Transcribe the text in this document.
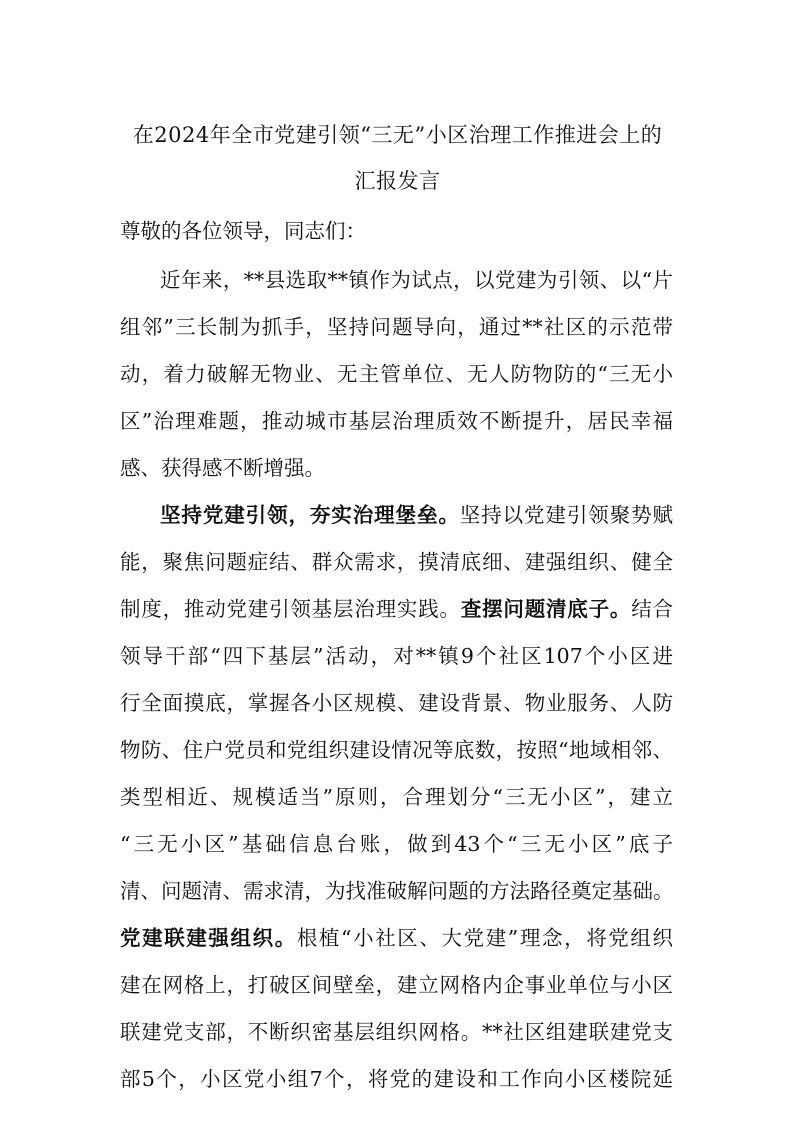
在2024年全市党建引领“三无”小区治理工作推进会上的
汇报发言
尊敬的各位领导，同志们：
近年来，**县选取**镇作为试点，以党建为引领、以“片
组邻”三长制为抓手，坚持问题导向，通过**社区的示范带
动，着力破解无物业、无主管单位、无人防物防的“三无小
区”治理难题，推动城市基层治理质效不断提升，居民幸福
感、获得感不断增强。
坚持党建引领，夯实治理堡垒。坚持以党建引领聚势赋
能，聚焦问题症结、群众需求，摸清底细、建强组织、健全
制度，推动党建引领基层治理实践。查摆问题清底子。结合
领导干部“四下基层”活动，对**镇9个社区107个小区进
行全面摸底，掌握各小区规模、建设背景、物业服务、人防
物防、住户党员和党组织建设情况等底数，按照“地域相邻、
类型相近、规模适当”原则，合理划分“三无小区”，建立
“三无小区”基础信息台账，做到43个“三无小区”底子
清、问题清、需求清，为找准破解问题的方法路径奠定基础。
党建联建强组织。根植“小社区、大党建”理念，将党组织
建在网格上，打破区间壁垒，建立网格内企事业单位与小区
联建党支部，不断织密基层组织网格。**社区组建联建党支
部5个，小区党小组7个，将党的建设和工作向小区楼院延
